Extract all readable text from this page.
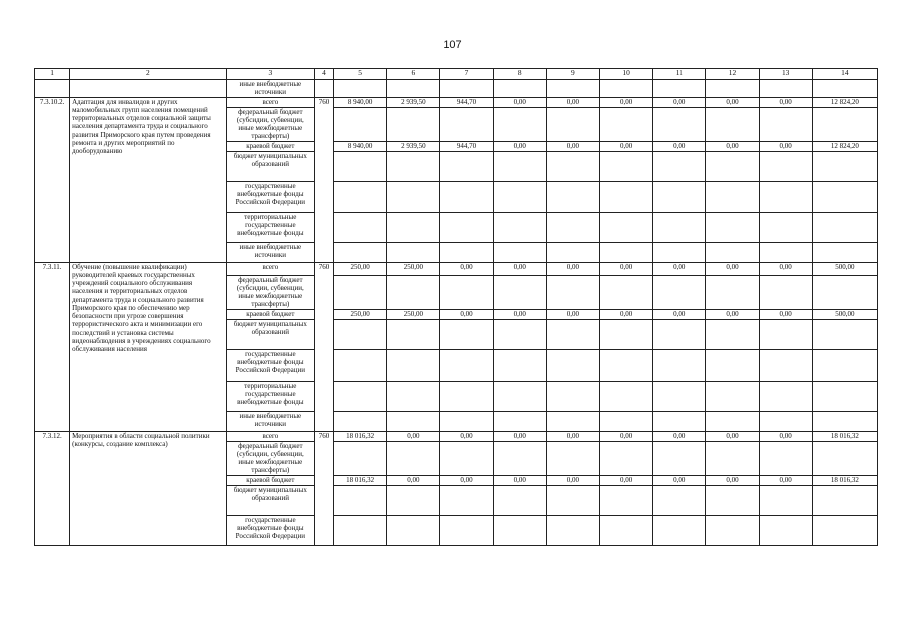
107
1	2	3	4	5	6	7	8	9	10	11	12	13	14
		иные внебюджетные источники											
7.3.10.2.	Адаптация для инвалидов и других маломобильных групп населения помещений территориальных отделов социальной защиты населения департамента труда и социального развития Приморского края путем проведения ремонта и других мероприятий по дооборудованию	всего	760	8 940,00	2 939,50	944,70	0,00	0,00	0,00	0,00	0,00	0,00	12 824,20
		федеральный бюджет (субсидии, субвенции, иные межбюджетные трансферты)											
		краевой бюджет		8 940,00	2 939,50	944,70	0,00	0,00	0,00	0,00	0,00	0,00	12 824,20
		бюджет муниципальных образований											
		государственные внебюджетные фонды Российской Федерации											
		территориальные государственные внебюджетные фонды											
		иные внебюджетные источники											
7.3.11.	Обучение (повышение квалификации) руководителей краевых государственных учреждений социального обслуживания населения и территориальных отделов департамента труда и социального развития Приморского края по обеспечению мер безопасности при угрозе совершения террористического акта и минимизации его последствий и установка системы видеонаблюдения в учреждениях социального обслуживания населения	всего	760	250,00	250,00	0,00	0,00	0,00	0,00	0,00	0,00	0,00	500,00
		федеральный бюджет (субсидии, субвенции, иные межбюджетные трансферты)											
		краевой бюджет		250,00	250,00	0,00	0,00	0,00	0,00	0,00	0,00	0,00	500,00
		бюджет муниципальных образований											
		государственные внебюджетные фонды Российской Федерации											
		территориальные государственные внебюджетные фонды											
		иные внебюджетные источники											
7.3.12.	Мероприятия в области социальной политики (конкурсы, создание комплекса)	всего	760	18 016,32	0,00	0,00	0,00	0,00	0,00	0,00	0,00	0,00	18 016,32
		федеральный бюджет (субсидии, субвенции, иные межбюджетные трансферты)											
		краевой бюджет		18 016,32	0,00	0,00	0,00	0,00	0,00	0,00	0,00	0,00	18 016,32
		бюджет муниципальных образований											
		государственные внебюджетные фонды Российской Федерации											
